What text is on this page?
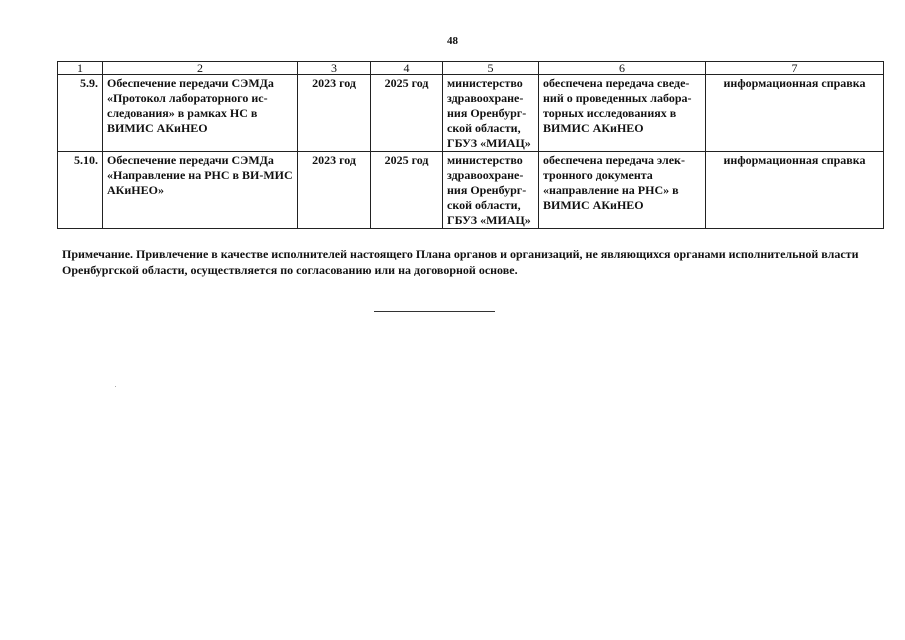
48
1	2	3	4	5	6	7
5.9.	Обеспечение передачи СЭМДа «Протокол лабораторного ис-следования» в рамках НС в ВИМИС АКиНЕО	2023 год	2025 год	министерство здравоохране-ния Оренбург-ской области, ГБУЗ «МИАЦ»	обеспечена передача сведе-ний о проведенных лабора-торных исследованиях в ВИМИС АКиНЕО	информационная справка
5.10.	Обеспечение передачи СЭМДа «Направление на РНС в ВИ-МИС АКиНЕО»	2023 год	2025 год	министерство здравоохране-ния Оренбург-ской области, ГБУЗ «МИАЦ»	обеспечена передача элек-тронного документа «направление на РНС» в ВИМИС АКиНЕО	информационная справка
Примечание. Привлечение в качестве исполнителей настоящего Плана органов и организаций, не являющихся органами исполнительной власти Оренбургской области, осуществляется по согласованию или на договорной основе.
